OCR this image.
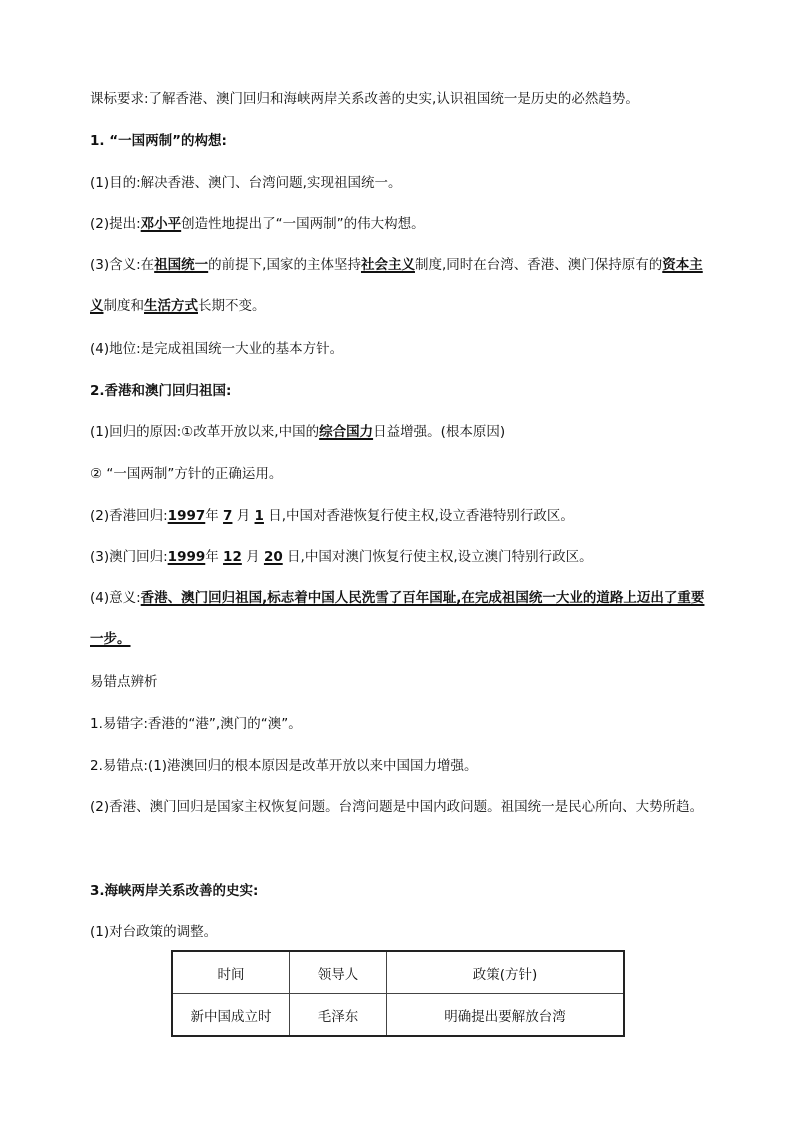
课标要求:了解香港、澳门回归和海峡两岸关系改善的史实,认识祖国统一是历史的必然趋势。
1. “一国两制”的构想:
(1)目的:解决香港、澳门、台湾问题,实现祖国统一。
(2)提出:邓小平创造性地提出了“一国两制”的伟大构想。
(3)含义:在祖国统一的前提下,国家的主体坚持社会主义制度,同时在台湾、香港、澳门保持原有的资本主义制度和生活方式长期不变。
(4)地位:是完成祖国统一大业的基本方针。
2.香港和澳门回归祖国:
(1)回归的原因:①改革开放以来,中国的综合国力日益增强。(根本原因)
② “一国两制”方针的正确运用。
(2)香港回归:1997年 7 月 1 日,中国对香港恢复行使主权,设立香港特别行政区。
(3)澳门回归:1999年 12 月 20 日,中国对澳门恢复行使主权,设立澳门特别行政区。
(4)意义:香港、澳门回归祖国,标志着中国人民洗雪了百年国耻,在完成祖国统一大业的道路上迈出了重要一步。
易错点辨析
1.易错字:香港的“港”,澳门的“澳”。
2.易错点:(1)港澳回归的根本原因是改革开放以来中国国力增强。
(2)香港、澳门回归是国家主权恢复问题。台湾问题是中国内政问题。祖国统一是民心所向、大势所趋。
3.海峡两岸关系改善的史实:
(1)对台政策的调整。
时间	领导人	政策(方针)
新中国成立时	毛泽东	明确提出要解放台湾
